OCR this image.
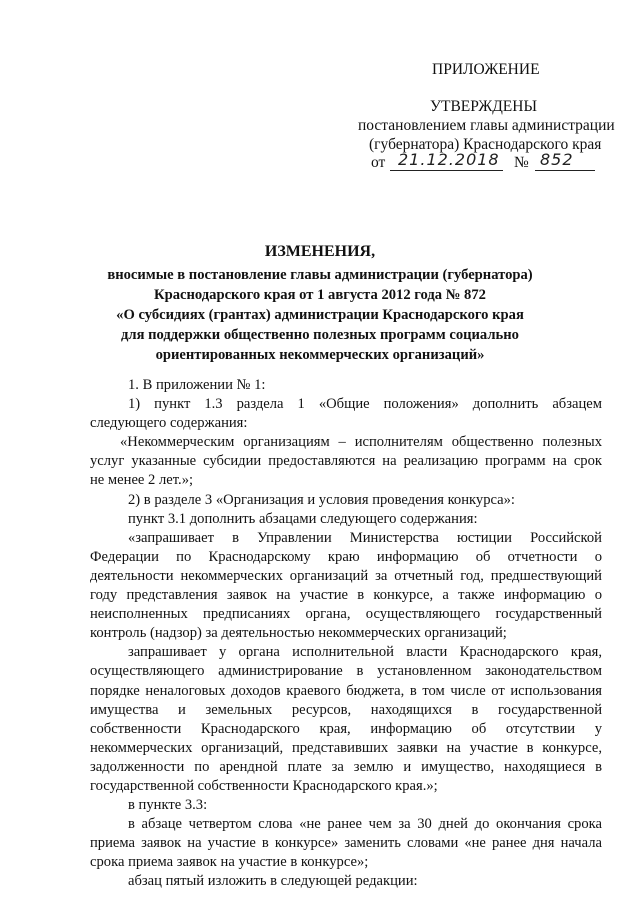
ПРИЛОЖЕНИЕ
УТВЕРЖДЕНЫ
постановлением главы администрации
(губернатора) Краснодарского края
от 21.12.2018 № 852
ИЗМЕНЕНИЯ,
вносимые в постановление главы администрации (губернатора)
Краснодарского края от 1 августа 2012 года № 872
«О субсидиях (грантах) администрации Краснодарского края
для поддержки общественно полезных программ социально
ориентированных некоммерческих организаций»

1. В приложении № 1:

1) пункт 1.3 раздела 1 «Общие положения» дополнить абзацем

следующего содержания:

«Некоммерческим организациям – исполнителям общественно полезных

услуг указанные субсидии предоставляются на реализацию программ на срок

не менее 2 лет.»;

2) в разделе 3 «Организация и условия проведения конкурса»:

пункт 3.1 дополнить абзацами следующего содержания:

«запрашивает в Управлении Министерства юстиции Российской

Федерации по Краснодарскому краю информацию об отчетности о

деятельности некоммерческих организаций за отчетный год, предшествующий

году представления заявок на участие в конкурсе, а также информацию о

неисполненных предписаниях органа, осуществляющего государственный

контроль (надзор) за деятельностью некоммерческих организаций;

запрашивает у органа исполнительной власти Краснодарского края,

осуществляющего администрирование в установленном законодательством

порядке неналоговых доходов краевого бюджета, в том числе от использования

имущества и земельных ресурсов, находящихся в государственной

собственности Краснодарского края, информацию об отсутствии у

некоммерческих организаций, представивших заявки на участие в конкурсе,

задолженности по арендной плате за землю и имущество, находящиеся в

государственной собственности Краснодарского края.»;

в пункте 3.3:

в абзаце четвертом слова «не ранее чем за 30 дней до окончания срока

приема заявок на участие в конкурсе» заменить словами «не ранее дня начала

срока приема заявок на участие в конкурсе»;

абзац пятый изложить в следующей редакции:
